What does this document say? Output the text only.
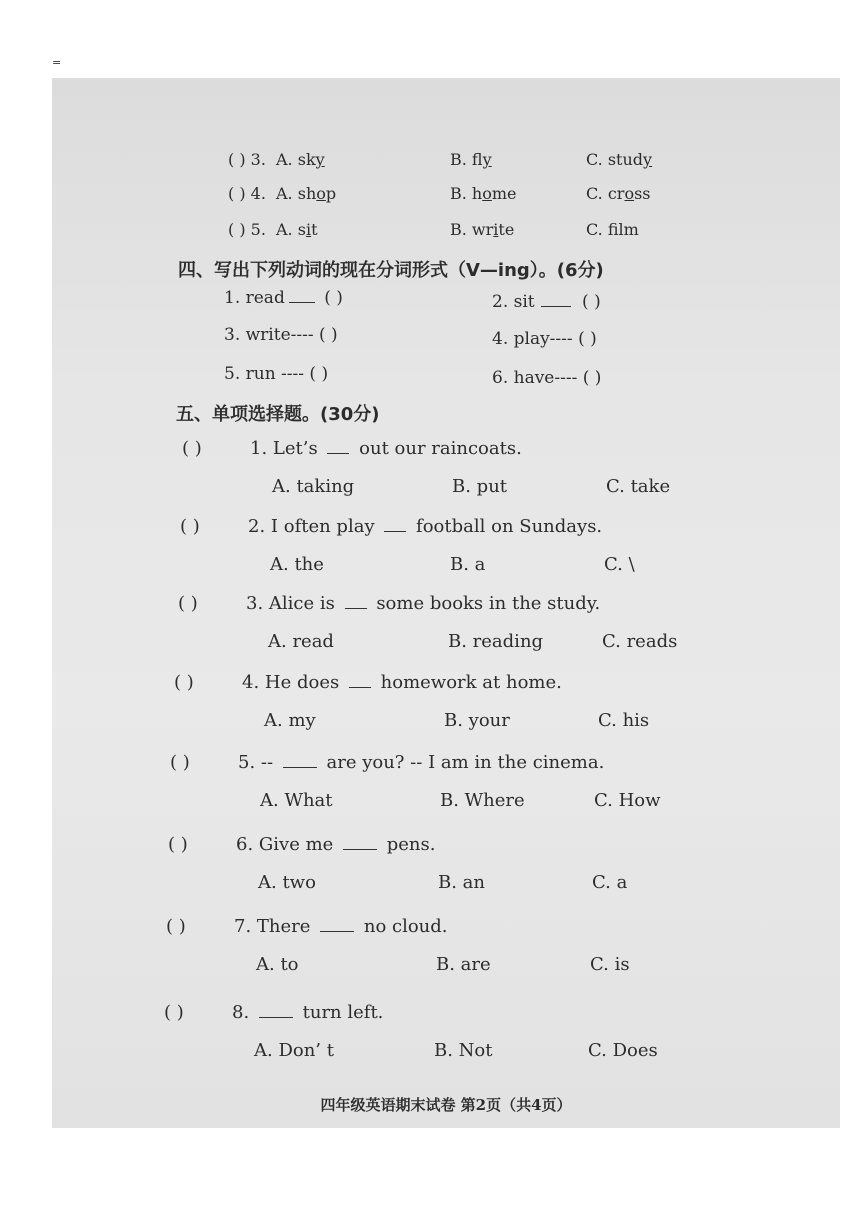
=
( ) 3. A. sky	B. fly	C. study
( ) 4. A. shop	B. home	C. cross
( ) 5. A. sit	B. write	C. flm
四、写出下列动词的现在分词形式（V—ing）。(6分)
1. read ( )	2. sit ( )
3. write---- ( )	4. play---- ( )
5. run ---- ( )	6. have---- ( )
五、单项选择题。(30分)
( )	1. Let’s  out our raincoats.
A. taking	B. put	C. take
( )	2. I often play  football on Sundays.
A. the	B. a	C. \
( )	3. Alice is  some books in the study.
A. read	B. reading	C. reads
( )	4. He does  homework at home.
A. my	B. your	C. his
( )	5. --  are you? -- I am in the cinema.
A. What	B. Where	C. How
( )	6. Give me  pens.
A. two	B. an	C. a
( )	7. There  no cloud.
A. to	B. are	C. is
( )	8.  turn left.
A. Don’ t	B. Not	C. Does
四年级英语期末试卷 第2页（共4页）
